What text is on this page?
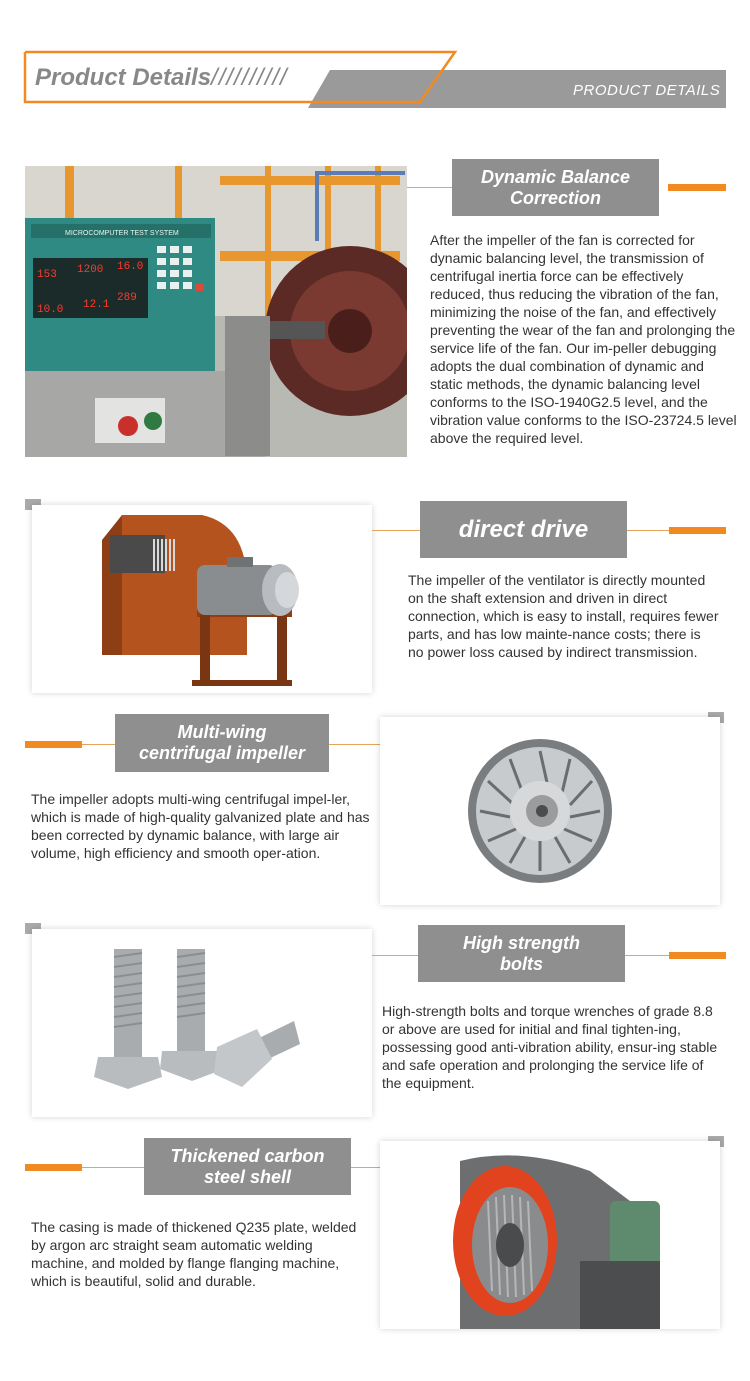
Product Details//////////	PRODUCT DETAILS
MICROCOMPUTER TEST SYSTEM
153 1200 16.0
10.0 12.1
289
Dynamic Balance
Correction
After the impeller of the fan is corrected for dynamic balancing level, the transmission of centrifugal inertia force can be effectively reduced, thus reducing the vibration of the fan, minimizing the noise of the fan, and effectively preventing the wear of the fan and prolonging the service life of the fan. Our im-peller debugging adopts the dual combination of dynamic and static methods, the dynamic balancing level conforms to the ISO-1940G2.5 level, and the vibration value conforms to the ISO-23724.5 level above the required level.
direct drive
The impeller of the ventilator is directly mounted on the shaft extension and driven in direct connection, which is easy to install, requires fewer parts, and has low mainte-nance costs; there is no power loss caused by indirect transmission.
Multi-wing
centrifugal impeller
The impeller adopts multi-wing centrifugal impel-ler, which is made of high-quality galvanized plate and has been corrected by dynamic balance, with large air volume, high efficiency and smooth oper-ation.
High strength
bolts
High-strength bolts and torque wrenches of grade 8.8 or above are used for initial and final tighten-ing, possessing good anti-vibration ability, ensur-ing stable and safe operation and prolonging the service life of the equipment.
Thickened carbon
steel shell
The casing is made of thickened Q235 plate, welded by argon arc straight seam automatic welding machine, and molded by flange flanging machine, which is beautiful, solid and durable.
